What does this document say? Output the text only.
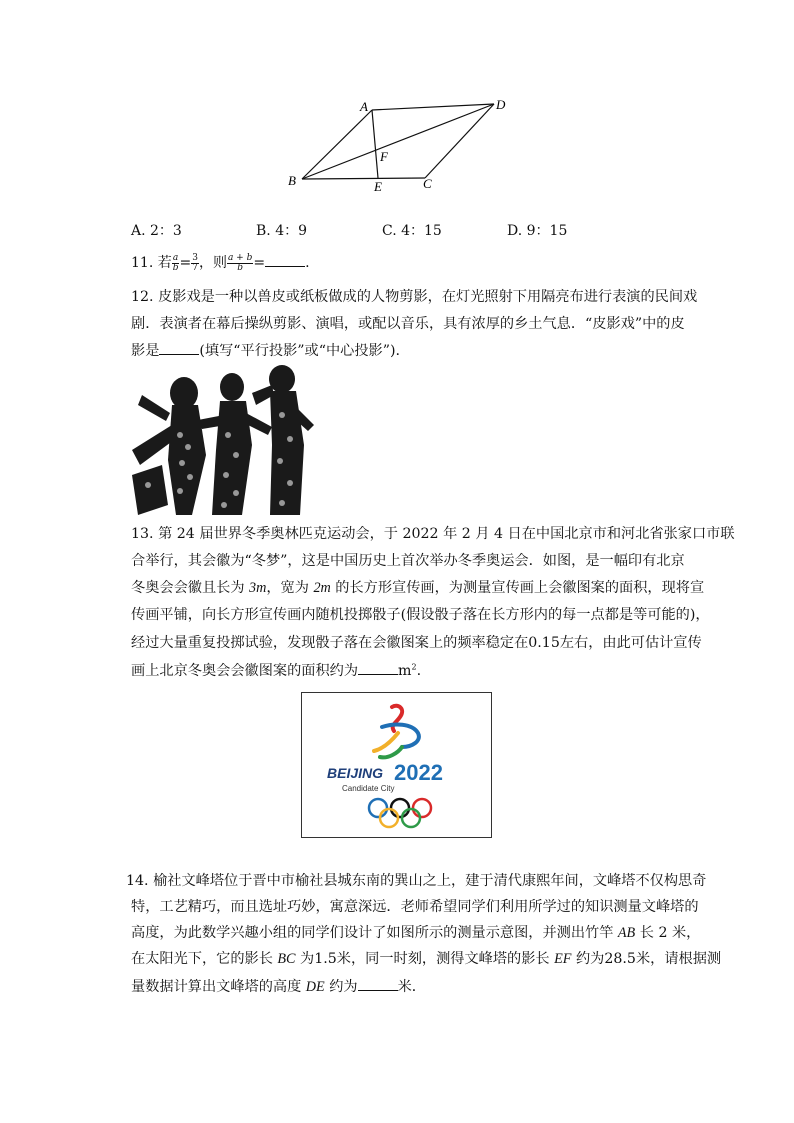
A	D
F
B	E	C
A. 2：3	B. 4：9	C. 4：15	D. 9：15
11. 若 $\frac{a}{b} = \frac{3}{7}$ ，则 $\frac{a + b}{b}$ =	.
12. 皮影戏是一种以兽皮或纸板做成的人物剪影，在灯光照射下用隔亮布进行表演的民间戏
剧．表演者在幕后操纵剪影、演唱，或配以音乐，具有浓厚的乡土气息．“皮影戏”中的皮
影是	(填写“平行投影”或“中心投影”).
13. 第 24 届世界冬季奥林匹克运动会，于 2022 年 2 月 4 日在中国北京市和河北省张家口市联
合举行，其会徽为“冬梦”，这是中国历史上首次举办冬季奥运会．如图，是一幅印有北京
冬奥会会徽且长为 3m，宽为 2m 的长方形宣传画，为测量宣传画上会徽图案的面积，现将宣
传画平铺，向长方形宣传画内随机投掷骰子(假设骰子落在长方形内的每一点都是等可能的)，
经过大量重复投掷试验，发现骰子落在会徽图案上的频率稳定在0.15左右，由此可估计宣传
画上北京冬奥会会徽图案的面积约为	$m^2$.
BEIJING 2022
Candidate City
14. 榆社文峰塔位于晋中市榆社县城东南的巽山之上，建于清代康熙年间，文峰塔不仅构思奇
特，工艺精巧，而且选址巧妙，寓意深远．老师希望同学们利用所学过的知识测量文峰塔的
高度，为此数学兴趣小组的同学们设计了如图所示的测量示意图，并测出竹竿 AB 长 2 米，
在太阳光下，它的影长 BC 为1.5米，同一时刻，测得文峰塔的影长 EF 约为28.5米，请根据测
量数据计算出文峰塔的高度 DE 约为	米．
